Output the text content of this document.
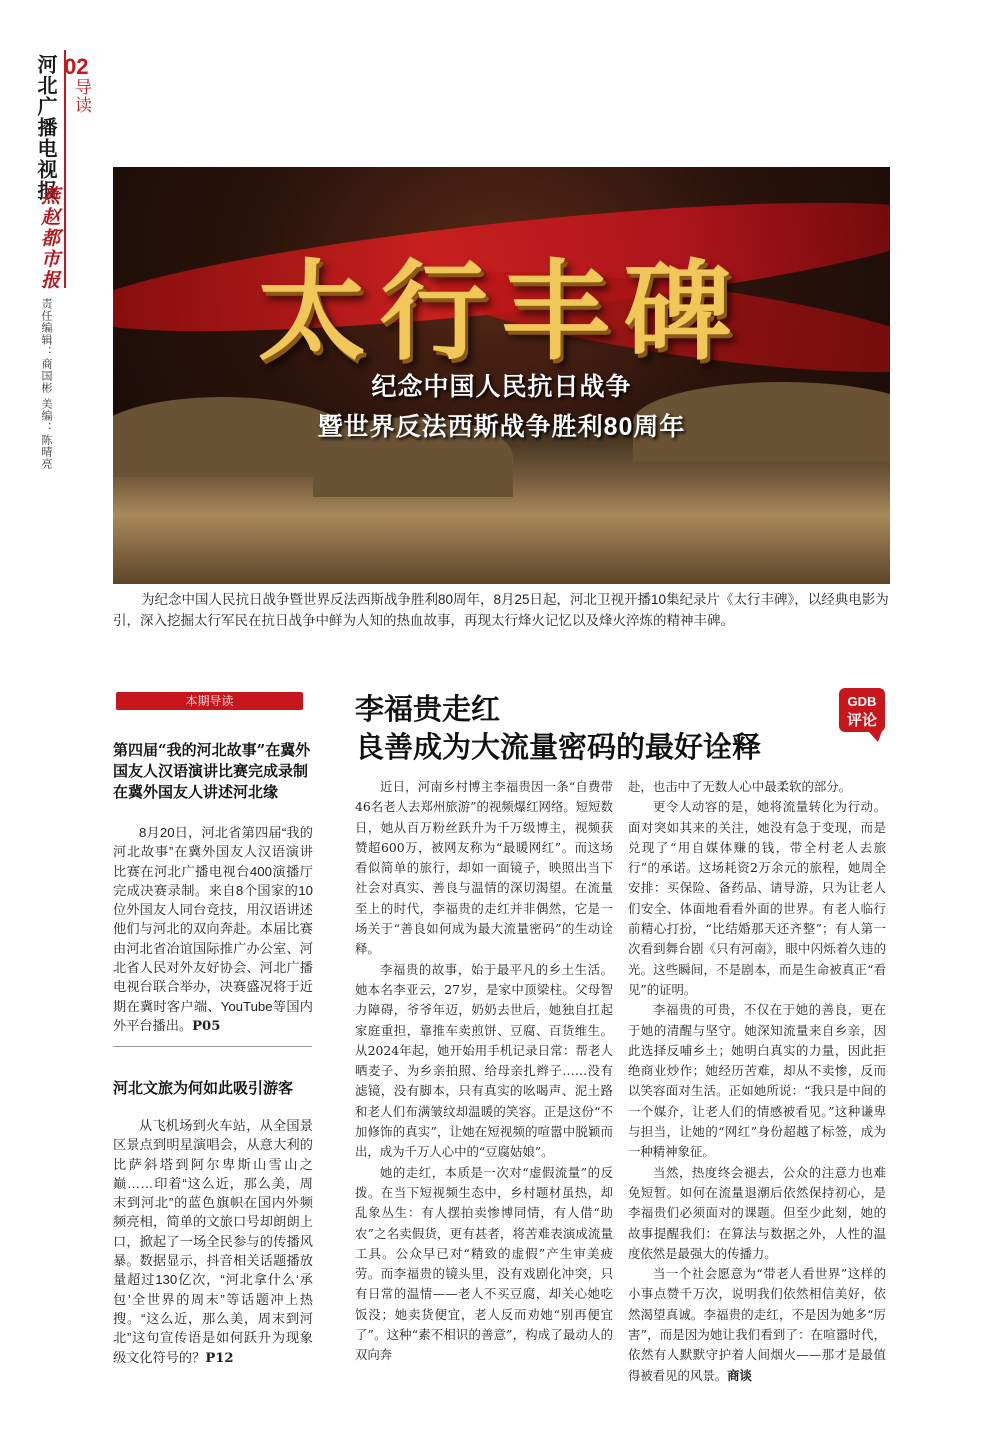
02
导读
河北广播电视报
燕赵都市报
责任编辑：商国彬 美编：陈晴亮	太行丰碑
纪念中国人民抗日战争
暨世界反法西斯战争胜利80周年
为纪念中国人民抗日战争暨世界反法西斯战争胜利80周年，8月25日起，河北卫视开播10集纪录片《太行丰碑》，以经典电影为引，深入挖掘太行军民在抗日战争中鲜为人知的热血故事，再现太行烽火记忆以及烽火淬炼的精神丰碑。
本期导读
第四届“我的河北故事”在冀外国友人汉语演讲比赛完成录制 在冀外国友人讲述河北缘
8月20日，河北省第四届“我的河北故事”在冀外国友人汉语演讲比赛在河北广播电视台400演播厅完成决赛录制。来自8个国家的10位外国友人同台竞技，用汉语讲述他们与河北的双向奔赴。本届比赛由河北省冶谊国际推广办公室、河北省人民对外友好协会、河北广播电视台联合举办，决赛盛况将于近期在冀时客户端、YouTube等国内外平台播出。P05
河北文旅为何如此吸引游客
从飞机场到火车站，从全国景区景点到明星演唱会，从意大利的比萨斜塔到阿尔卑斯山雪山之巅……印着“这么近，那么美，周末到河北”的蓝色旗帜在国内外频频亮相，简单的文旅口号却朗朗上口，掀起了一场全民参与的传播风暴。数据显示，抖音相关话题播放量超过130亿次，“河北拿什么‘承包’全世界的周末”等话题冲上热搜。“这么近，那么美，周末到河北”这句宣传语是如何跃升为现象级文化符号的？P12
李福贵走红
良善成为大流量密码的最好诠释
GDB
评论

近日，河南乡村博主李福贵因一条“自费带46名老人去郑州旅游”的视频爆红网络。短短数日，她从百万粉丝跃升为千万级博主，视频获赞超600万，被网友称为“最暖网红”。而这场看似简单的旅行，却如一面镜子，映照出当下社会对真实、善良与温情的深切渴望。在流量至上的时代，李福贵的走红并非偶然，它是一场关于“善良如何成为最大流量密码”的生动诠释。

李福贵的故事，始于最平凡的乡土生活。她本名李亚云，27岁，是家中顶梁柱。父母智力障碍，爷爷年迈，奶奶去世后，她独自扛起家庭重担，靠推车卖煎饼、豆腐、百货维生。从2024年起，她开始用手机记录日常：帮老人晒麦子、为乡亲拍照、给母亲扎辫子……没有滤镜，没有脚本，只有真实的吆喝声、泥土路和老人们布满皱纹却温暖的笑容。正是这份“不加修饰的真实”，让她在短视频的喧嚣中脱颖而出，成为千万人心中的“豆腐姑娘”。

她的走红，本质是一次对“虚假流量”的反拨。在当下短视频生态中，乡村题材虽热，却乱象丛生：有人摆拍卖惨博同情，有人借“助农”之名卖假货，更有甚者，将苦难表演成流量工具。公众早已对“精致的虚假”产生审美疲劳。而李福贵的镜头里，没有戏剧化冲突，只有日常的温情——老人不买豆腐，却关心她吃饭没；她卖货便宜，老人反而劝她“别再便宜了”。这种“素不相识的善意”，构成了最动人的双向奔

赴，也击中了无数人心中最柔软的部分。

更令人动容的是，她将流量转化为行动。面对突如其来的关注，她没有急于变现，而是兑现了“用自媒体赚的钱，带全村老人去旅行”的承诺。这场耗资2万余元的旅程，她周全安排：买保险、备药品、请导游，只为让老人们安全、体面地看看外面的世界。有老人临行前精心打扮，“比结婚那天还齐整”；有人第一次看到舞台剧《只有河南》，眼中闪烁着久违的光。这些瞬间，不是剧本，而是生命被真正“看见”的证明。

李福贵的可贵，不仅在于她的善良，更在于她的清醒与坚守。她深知流量来自乡亲，因此选择反哺乡土；她明白真实的力量，因此拒绝商业炒作；她经历苦难，却从不卖惨，反而以笑容面对生活。正如她所说：“我只是中间的一个媒介，让老人们的情感被看见。”这种谦卑与担当，让她的“网红”身份超越了标签，成为一种精神象征。

当然，热度终会褪去，公众的注意力也难免短暂。如何在流量退潮后依然保持初心，是李福贵们必须面对的课题。但至少此刻，她的故事提醒我们：在算法与数据之外，人性的温度依然是最强大的传播力。

当一个社会愿意为“带老人看世界”这样的小事点赞千万次，说明我们依然相信美好，依然渴望真诚。李福贵的走红，不是因为她多“厉害”，而是因为她让我们看到了：在喧嚣时代，依然有人默默守护着人间烟火——那才是最值得被看见的风景。商谈
